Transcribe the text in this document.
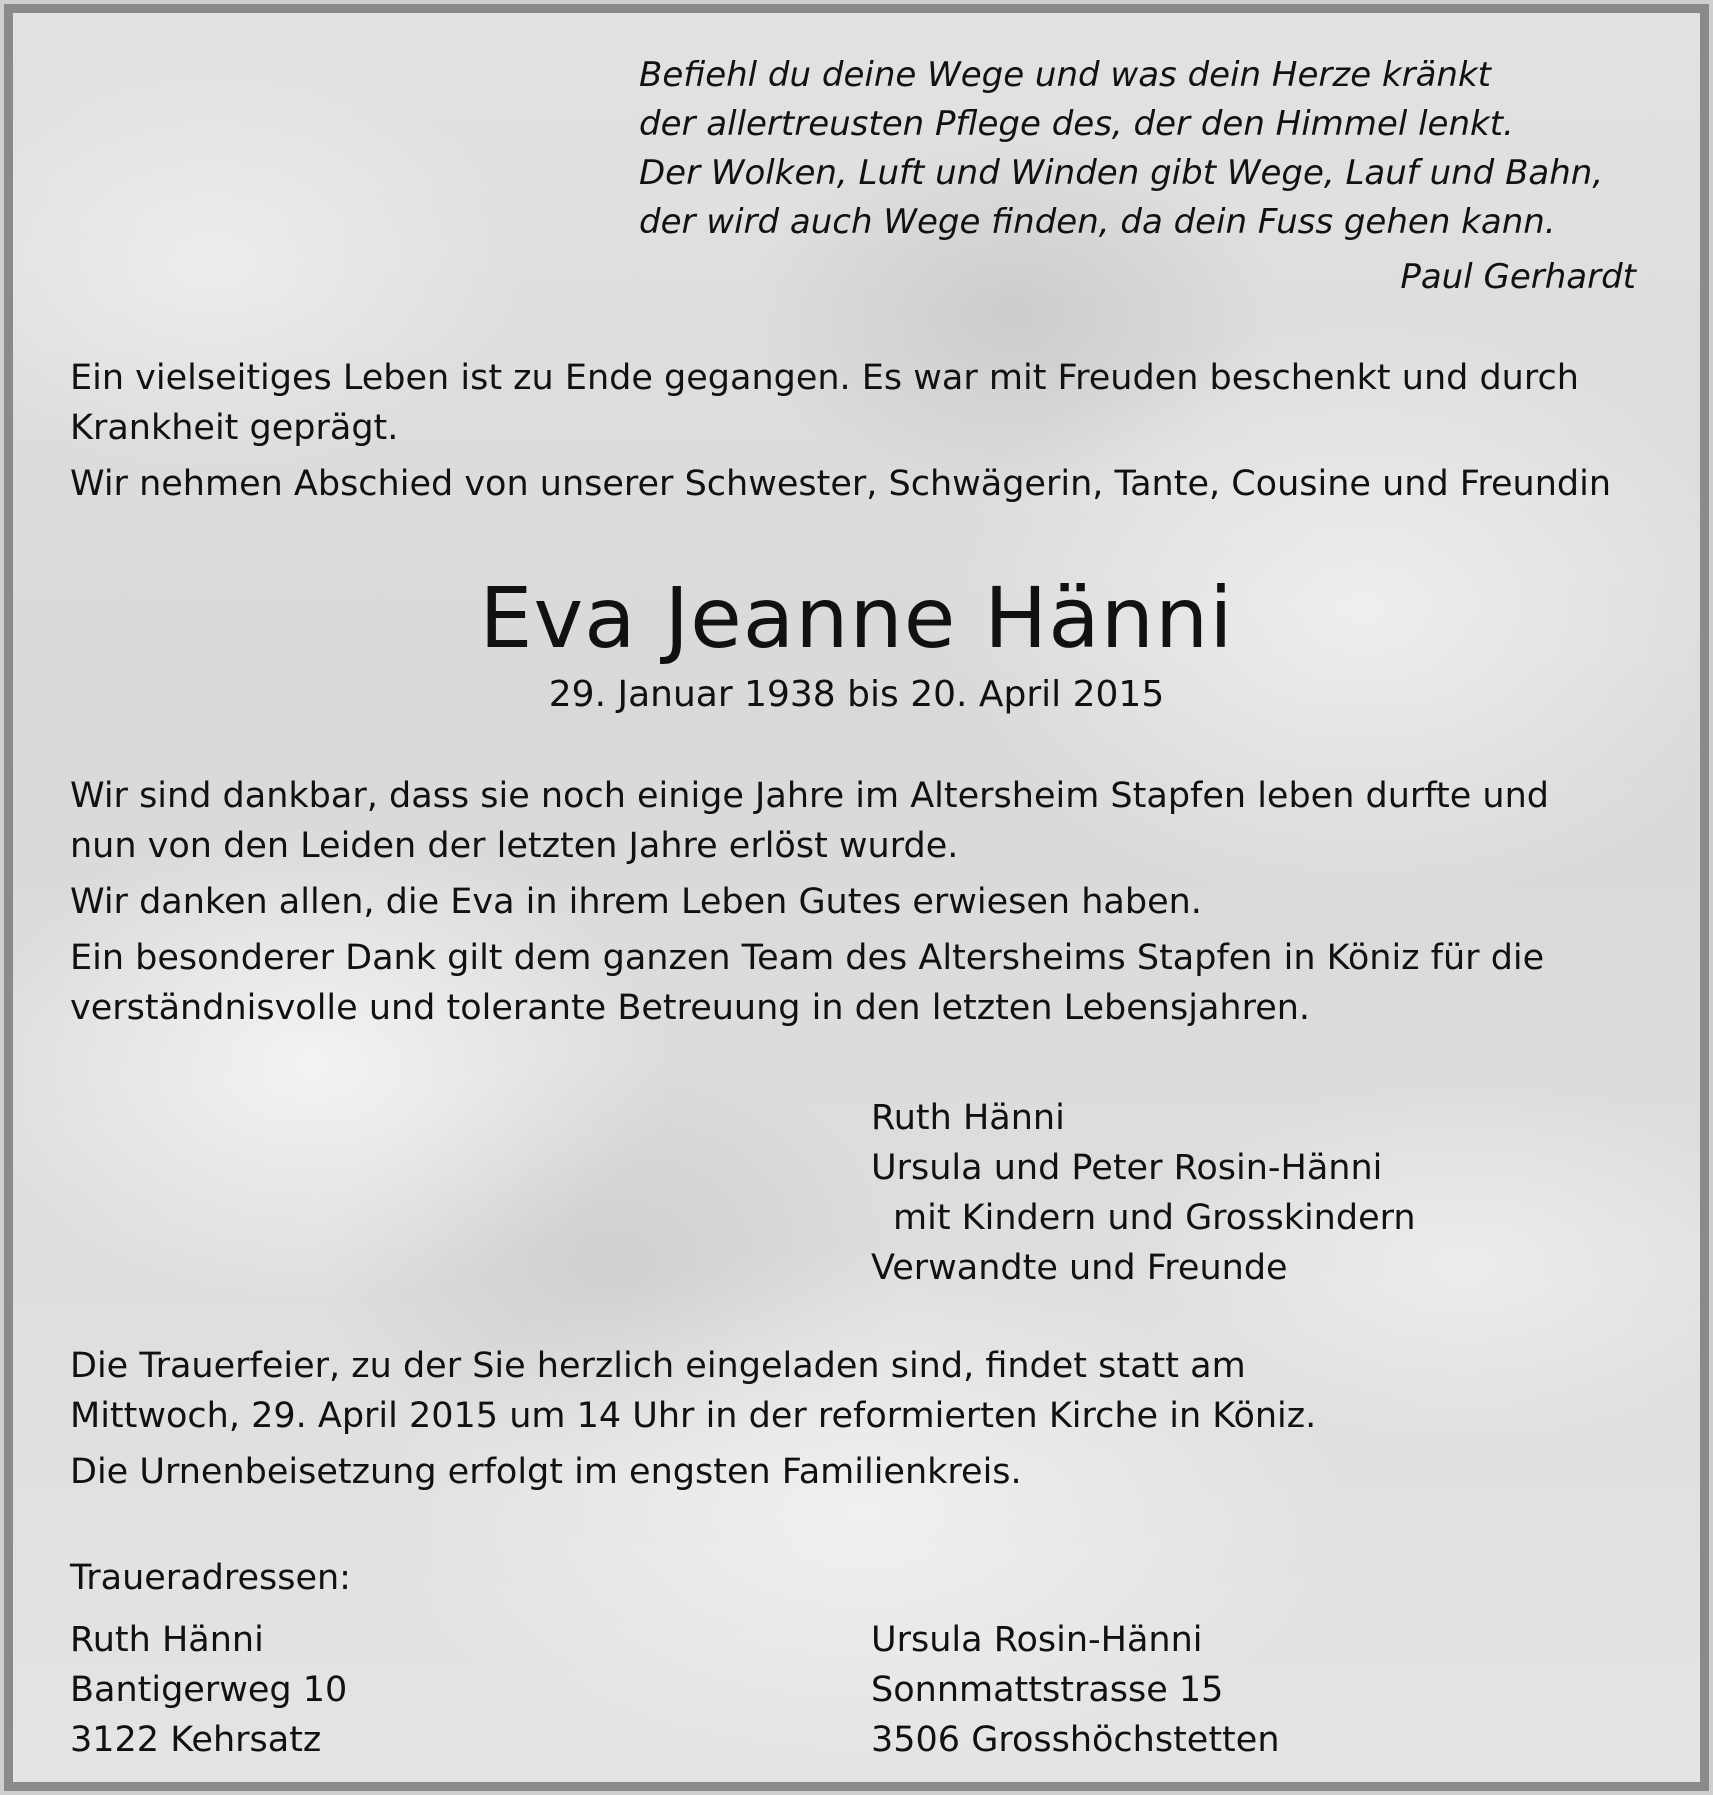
Befiehl du deine Wege und was dein Herze kränkt
der allertreusten Pflege des, der den Himmel lenkt.
Der Wolken, Luft und Winden gibt Wege, Lauf und Bahn,
der wird auch Wege finden, da dein Fuss gehen kann.
Paul Gerhardt
Ein vielseitiges Leben ist zu Ende gegangen. Es war mit Freuden beschenkt und durch
Krankheit geprägt.
Wir nehmen Abschied von unserer Schwester, Schwägerin, Tante, Cousine und Freundin
Eva Jeanne Hänni
29. Januar 1938 bis 20. April 2015
Wir sind dankbar, dass sie noch einige Jahre im Altersheim Stapfen leben durfte und
nun von den Leiden der letzten Jahre erlöst wurde.
Wir danken allen, die Eva in ihrem Leben Gutes erwiesen haben.
Ein besonderer Dank gilt dem ganzen Team des Altersheims Stapfen in Köniz für die
verständnisvolle und tolerante Betreuung in den letzten Lebensjahren.
Ruth Hänni
Ursula und Peter Rosin-Hänni
mit Kindern und Grosskindern
Verwandte und Freunde
Die Trauerfeier, zu der Sie herzlich eingeladen sind, findet statt am
Mittwoch, 29. April 2015 um 14 Uhr in der reformierten Kirche in Köniz.
Die Urnenbeisetzung erfolgt im engsten Familienkreis.
Traueradressen:
Ruth Hänni
Bantigerweg 10
3122 Kehrsatz
Ursula Rosin-Hänni
Sonnmattstrasse 15
3506 Grosshöchstetten
